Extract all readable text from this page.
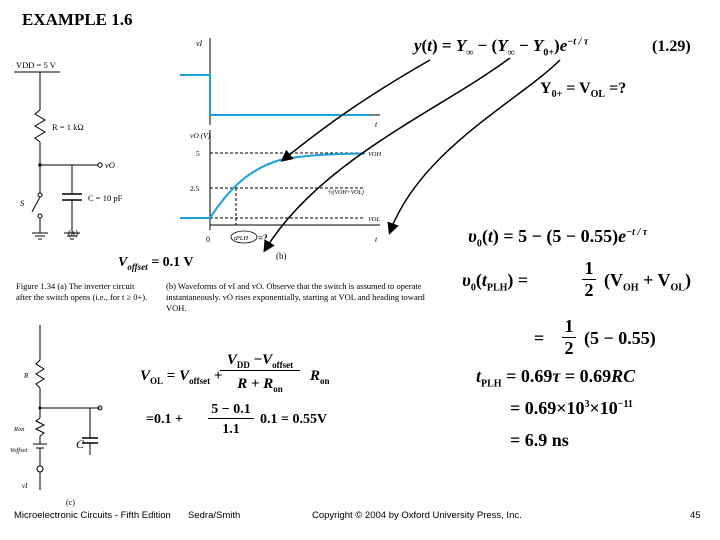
EXAMPLE 1.6
$y(t) = Y_\infty - (Y_\infty - Y_{0+})e^{-t / \tau}$	(1.29)
$Y_{0+} = V_{OL}$ =?
VDD = 5 V
R = 1 kΩ
vO
S	C = 10 pF
(a)
vI
t
vO (V)
5
2.5
0	t
VOH
½(VOH+VOL)
VOL
tPLH =?
(b)
$V_{offset} = 0.1$ V
Figure 1.34 (a) The inverter circuit after the switch opens (i.e., for t ≥ 0+).
(b) Waveforms of vI and vO. Observe that the switch is assumed to operate instantaneously. vO rises exponentially, starting at VOL and heading toward VOH.
R
Ron
Voffset
vI
C
(c)
$V_{OL} = V_{offset}$ +
$V_{DD} -V_{offset}$
$R + R_{on}$
$R_{on}$
=0.1 +
5 − 0.1
1.1
0.1 = 0.55V
$\upsilon_0(t) = 5 - (5 - 0.55)e^{-t / \tau}$
$\upsilon_0(t_{PLH})$ =
1
2 $(V_{OH} + V_{OL})$
=
1
2 (5 − 0.55)
$t_{PLH} = 0.69\tau = 0.69RC$
= $0.69\times 10^3\times 10^{-11}$
= 6.9 ns
Microelectronic Circuits - Fifth Edition Sedra/Smith	Copyright © 2004 by Oxford University Press, Inc.	45
